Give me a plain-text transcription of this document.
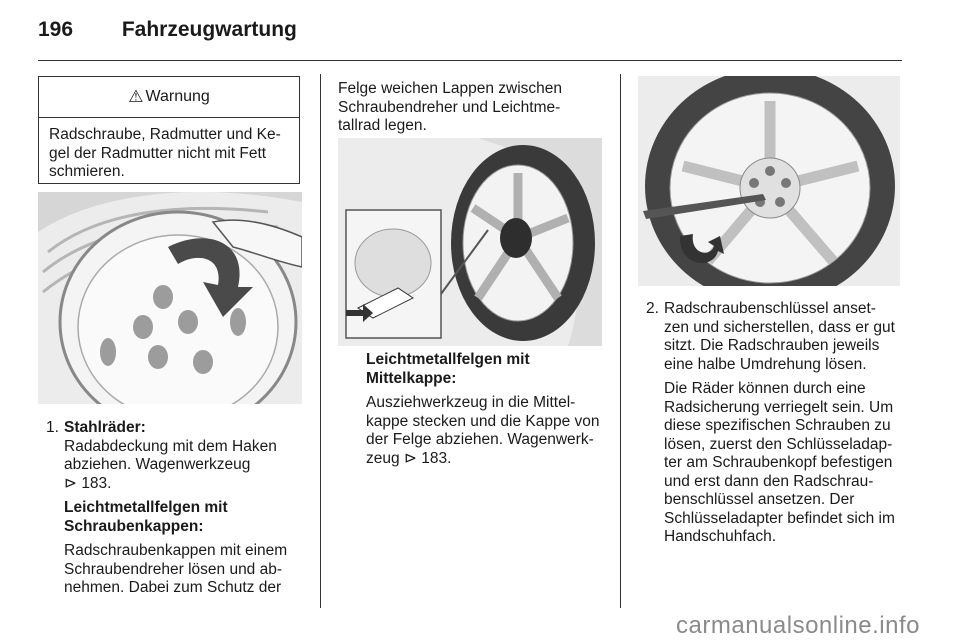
196 Fahrzeugwartung
⚠ Warnung
Radschraube, Radmutter und Ke-gel der Radmutter nicht mit Fett schmieren.
1. Stahlräder:

Radabdeckung mit dem Haken

abziehen. Wagenwerkzeug

⊳ 183.

Leichtmetallfelgen mit

Schraubenkappen:

Radschraubenkappen mit einem

Schraubendreher lösen und ab-

nehmen. Dabei zum Schutz der

Felge weichen Lappen zwischen

Schraubendreher und Leichtme-

tallrad legen.

Leichtmetallfelgen mit

Mittelkappe:

Ausziehwerkzeug in die Mittel-

kappe stecken und die Kappe von

der Felge abziehen. Wagenwerk-

zeug ⊳ 183.

2. Radschraubenschlüssel anset-

zen und sicherstellen, dass er gut

sitzt. Die Radschrauben jeweils

eine halbe Umdrehung lösen.

Die Räder können durch eine

Radsicherung verriegelt sein. Um

diese spezifischen Schrauben zu

lösen, zuerst den Schlüsseladap-

ter am Schraubenkopf befestigen

und erst dann den Radschrau-

benschlüssel ansetzen. Der

Schlüsseladapter befindet sich im

Handschuhfach.

carmanualsonline.info
